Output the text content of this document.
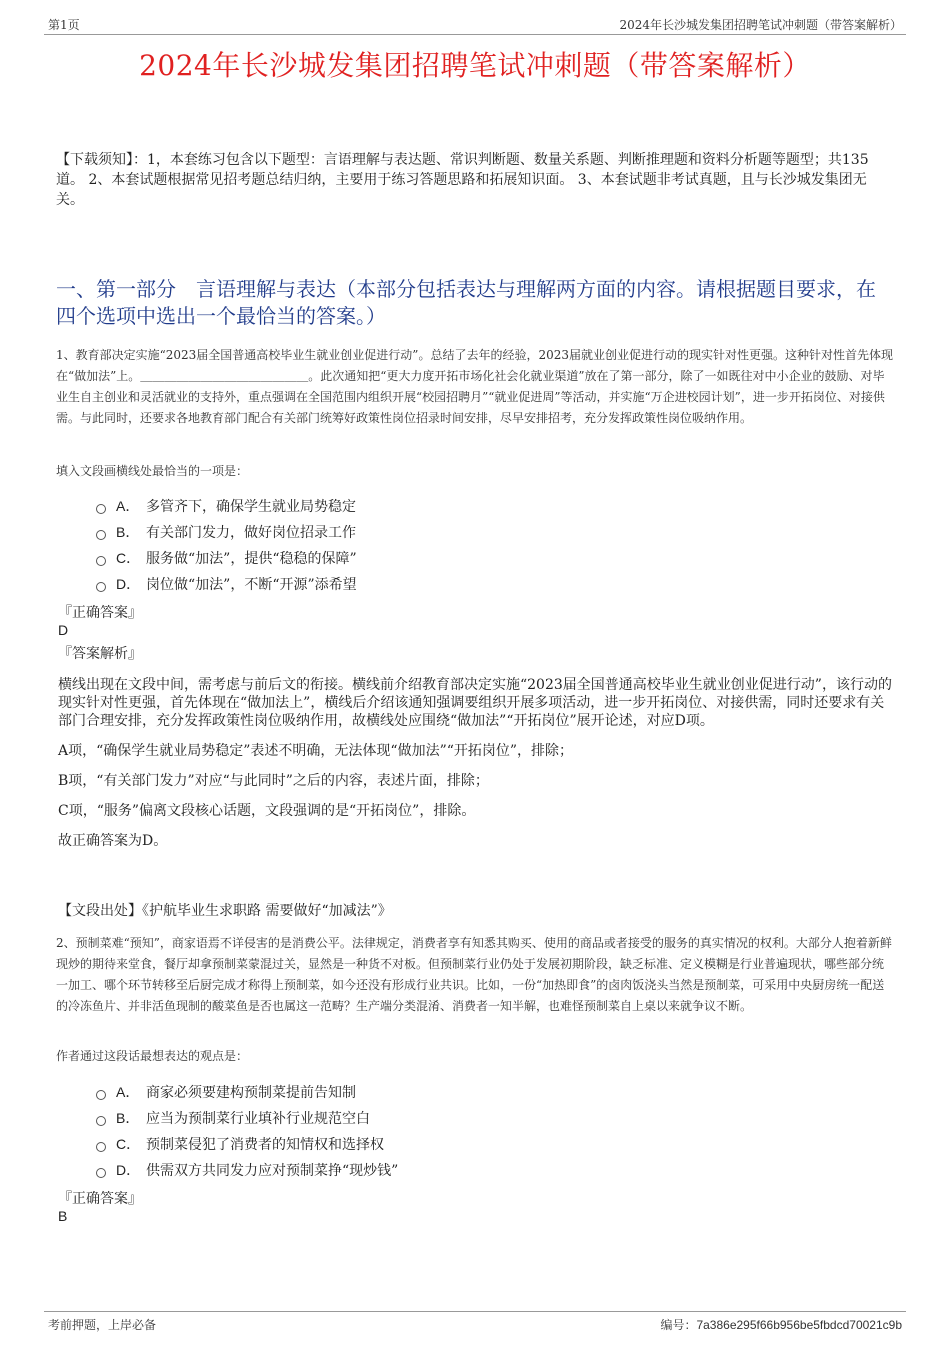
第1页	2024年长沙城发集团招聘笔试冲刺题（带答案解析）
2024年长沙城发集团招聘笔试冲刺题（带答案解析）
【下载须知】：1，本套练习包含以下题型：言语理解与表达题、常识判断题、数量关系题、判断推理题和资料分析题等题型；共135道。 2、本套试题根据常见招考题总结归纳，主要用于练习答题思路和拓展知识面。 3、本套试题非考试真题，且与长沙城发集团无关。
一、第一部分　言语理解与表达（本部分包括表达与理解两方面的内容。请根据题目要求，在四个选项中选出一个最恰当的答案。）
1、教育部决定实施“2023届全国普通高校毕业生就业创业促进行动”。总结了去年的经验，2023届就业创业促进行动的现实针对性更强。这种针对性首先体现在“做加法”上。＿＿＿＿＿＿＿＿＿＿＿＿＿＿。此次通知把“更大力度开拓市场化社会化就业渠道”放在了第一部分，除了一如既往对中小企业的鼓励、对毕业生自主创业和灵活就业的支持外，重点强调在全国范围内组织开展“校园招聘月”“就业促进周”等活动，并实施“万企进校园计划”，进一步开拓岗位、对接供需。与此同时，还要求各地教育部门配合有关部门统筹好政策性岗位招录时间安排，尽早安排招考，充分发挥政策性岗位吸纳作用。
填入文段画横线处最恰当的一项是：
A． 多管齐下，确保学生就业局势稳定
B． 有关部门发力，做好岗位招录工作
C． 服务做“加法”，提供“稳稳的保障”
D． 岗位做“加法”，不断“开源”添希望
『正确答案』
D
『答案解析』

横线出现在文段中间，需考虑与前后文的衔接。横线前介绍教育部决定实施“2023届全国普通高校毕业生就业创业促进行动”，该行动的现实针对性更强，首先体现在“做加法上”，横线后介绍该通知强调要组织开展多项活动，进一步开拓岗位、对接供需，同时还要求有关部门合理安排，充分发挥政策性岗位吸纳作用，故横线处应围绕“做加法”“开拓岗位”展开论述，对应D项。

A项，“确保学生就业局势稳定”表述不明确，无法体现“做加法”“开拓岗位”，排除；

B项，“有关部门发力”对应“与此同时”之后的内容，表述片面，排除；

C项，“服务”偏离文段核心话题，文段强调的是“开拓岗位”，排除。

故正确答案为D。

【文段出处】《护航毕业生求职路 需要做好“加减法”》
2、预制菜难“预知”，商家语焉不详侵害的是消费公平。法律规定，消费者享有知悉其购买、使用的商品或者接受的服务的真实情况的权利。大部分人抱着新鲜现炒的期待来堂食，餐厅却拿预制菜蒙混过关，显然是一种货不对板。但预制菜行业仍处于发展初期阶段，缺乏标准、定义模糊是行业普遍现状，哪些部分统一加工、哪个环节转移至后厨完成才称得上预制菜，如今还没有形成行业共识。比如，一份“加热即食”的卤肉饭浇头当然是预制菜，可采用中央厨房统一配送的冷冻鱼片、并非活鱼现制的酸菜鱼是否也属这一范畴？生产端分类混淆、消费者一知半解，也难怪预制菜自上桌以来就争议不断。
作者通过这段话最想表达的观点是：
A． 商家必须要建构预制菜提前告知制
B． 应当为预制菜行业填补行业规范空白
C． 预制菜侵犯了消费者的知情权和选择权
D． 供需双方共同发力应对预制菜挣“现炒钱”
『正确答案』
B
考前押题，上岸必备	编号：7a386e295f66b956be5fbdcd70021c9b
